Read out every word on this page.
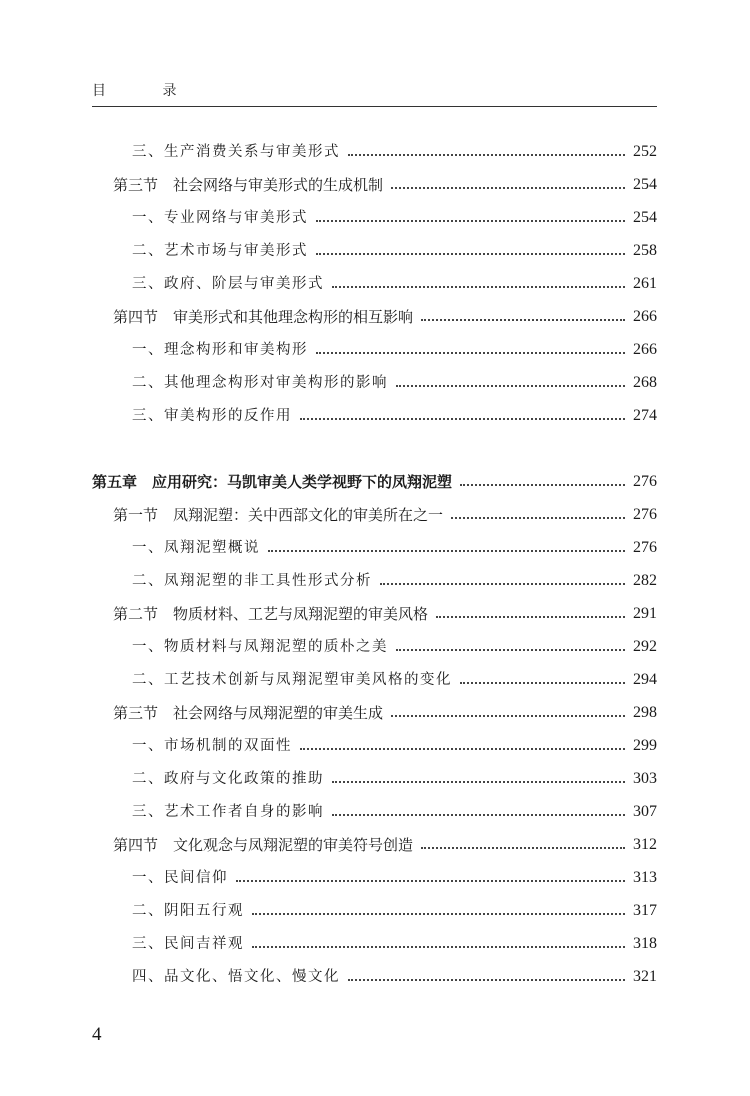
目 录
三、生产消费关系与审美形式	252
第三节　社会网络与审美形式的生成机制	254
一、专业网络与审美形式	254
二、艺术市场与审美形式	258
三、政府、阶层与审美形式	261
第四节　审美形式和其他理念构形的相互影响	266
一、理念构形和审美构形	266
二、其他理念构形对审美构形的影响	268
三、审美构形的反作用	274
第五章　应用研究：马凯审美人类学视野下的凤翔泥塑	276
第一节　凤翔泥塑：关中西部文化的审美所在之一	276
一、凤翔泥塑概说	276
二、凤翔泥塑的非工具性形式分析	282
第二节　物质材料、工艺与凤翔泥塑的审美风格	291
一、物质材料与凤翔泥塑的质朴之美	292
二、工艺技术创新与凤翔泥塑审美风格的变化	294
第三节　社会网络与凤翔泥塑的审美生成	298
一、市场机制的双面性	299
二、政府与文化政策的推助	303
三、艺术工作者自身的影响	307
第四节　文化观念与凤翔泥塑的审美符号创造	312
一、民间信仰	313
二、阴阳五行观	317
三、民间吉祥观	318
四、品文化、悟文化、慢文化	321
4
